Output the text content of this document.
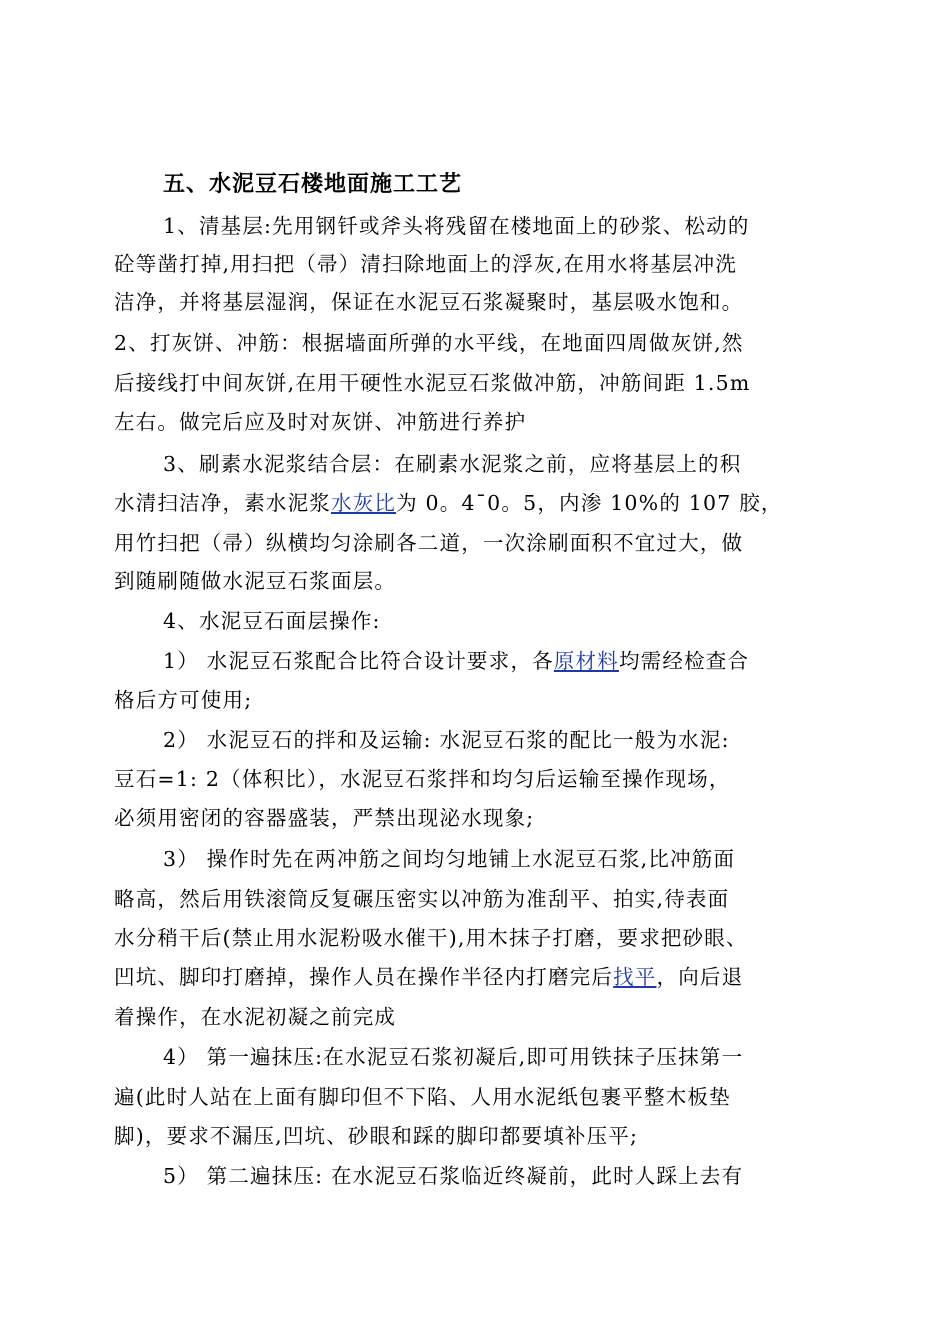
五、水泥豆石楼地面施工工艺
1、清基层:先用钢钎或斧头将残留在楼地面上的砂浆、松动的
砼等凿打掉,用扫把（帚）清扫除地面上的浮灰,在用水将基层冲洗
洁净，并将基层湿润，保证在水泥豆石浆凝聚时，基层吸水饱和。
2、打灰饼、冲筋：根据墙面所弹的水平线，在地面四周做灰饼,然
后接线打中间灰饼,在用干硬性水泥豆石浆做冲筋，冲筋间距 1.5m
左右。做完后应及时对灰饼、冲筋进行养护
3、刷素水泥浆结合层：在刷素水泥浆之前，应将基层上的积
水清扫洁净，素水泥浆水灰比为 0。4¯0。5，内渗 10%的 107 胶，
用竹扫把（帚）纵横均匀涂刷各二道，一次涂刷面积不宜过大，做
到随刷随做水泥豆石浆面层。
4、水泥豆石面层操作:
1） 水泥豆石浆配合比符合设计要求，各原材料均需经检查合
格后方可使用;
2） 水泥豆石的拌和及运输: 水泥豆石浆的配比一般为水泥:
豆石=1: 2（体积比），水泥豆石浆拌和均匀后运输至操作现场，
必须用密闭的容器盛装，严禁出现泌水现象;
3） 操作时先在两冲筋之间均匀地铺上水泥豆石浆,比冲筋面
略高，然后用铁滚筒反复碾压密实以冲筋为准刮平、拍实,待表面
水分稍干后(禁止用水泥粉吸水催干),用木抹子打磨，要求把砂眼、
凹坑、脚印打磨掉，操作人员在操作半径内打磨完后找平，向后退
着操作，在水泥初凝之前完成
4） 第一遍抹压:在水泥豆石浆初凝后,即可用铁抹子压抹第一
遍(此时人站在上面有脚印但不下陷、人用水泥纸包裹平整木板垫
脚)，要求不漏压,凹坑、砂眼和踩的脚印都要填补压平;
5） 第二遍抹压: 在水泥豆石浆临近终凝前，此时人踩上去有
